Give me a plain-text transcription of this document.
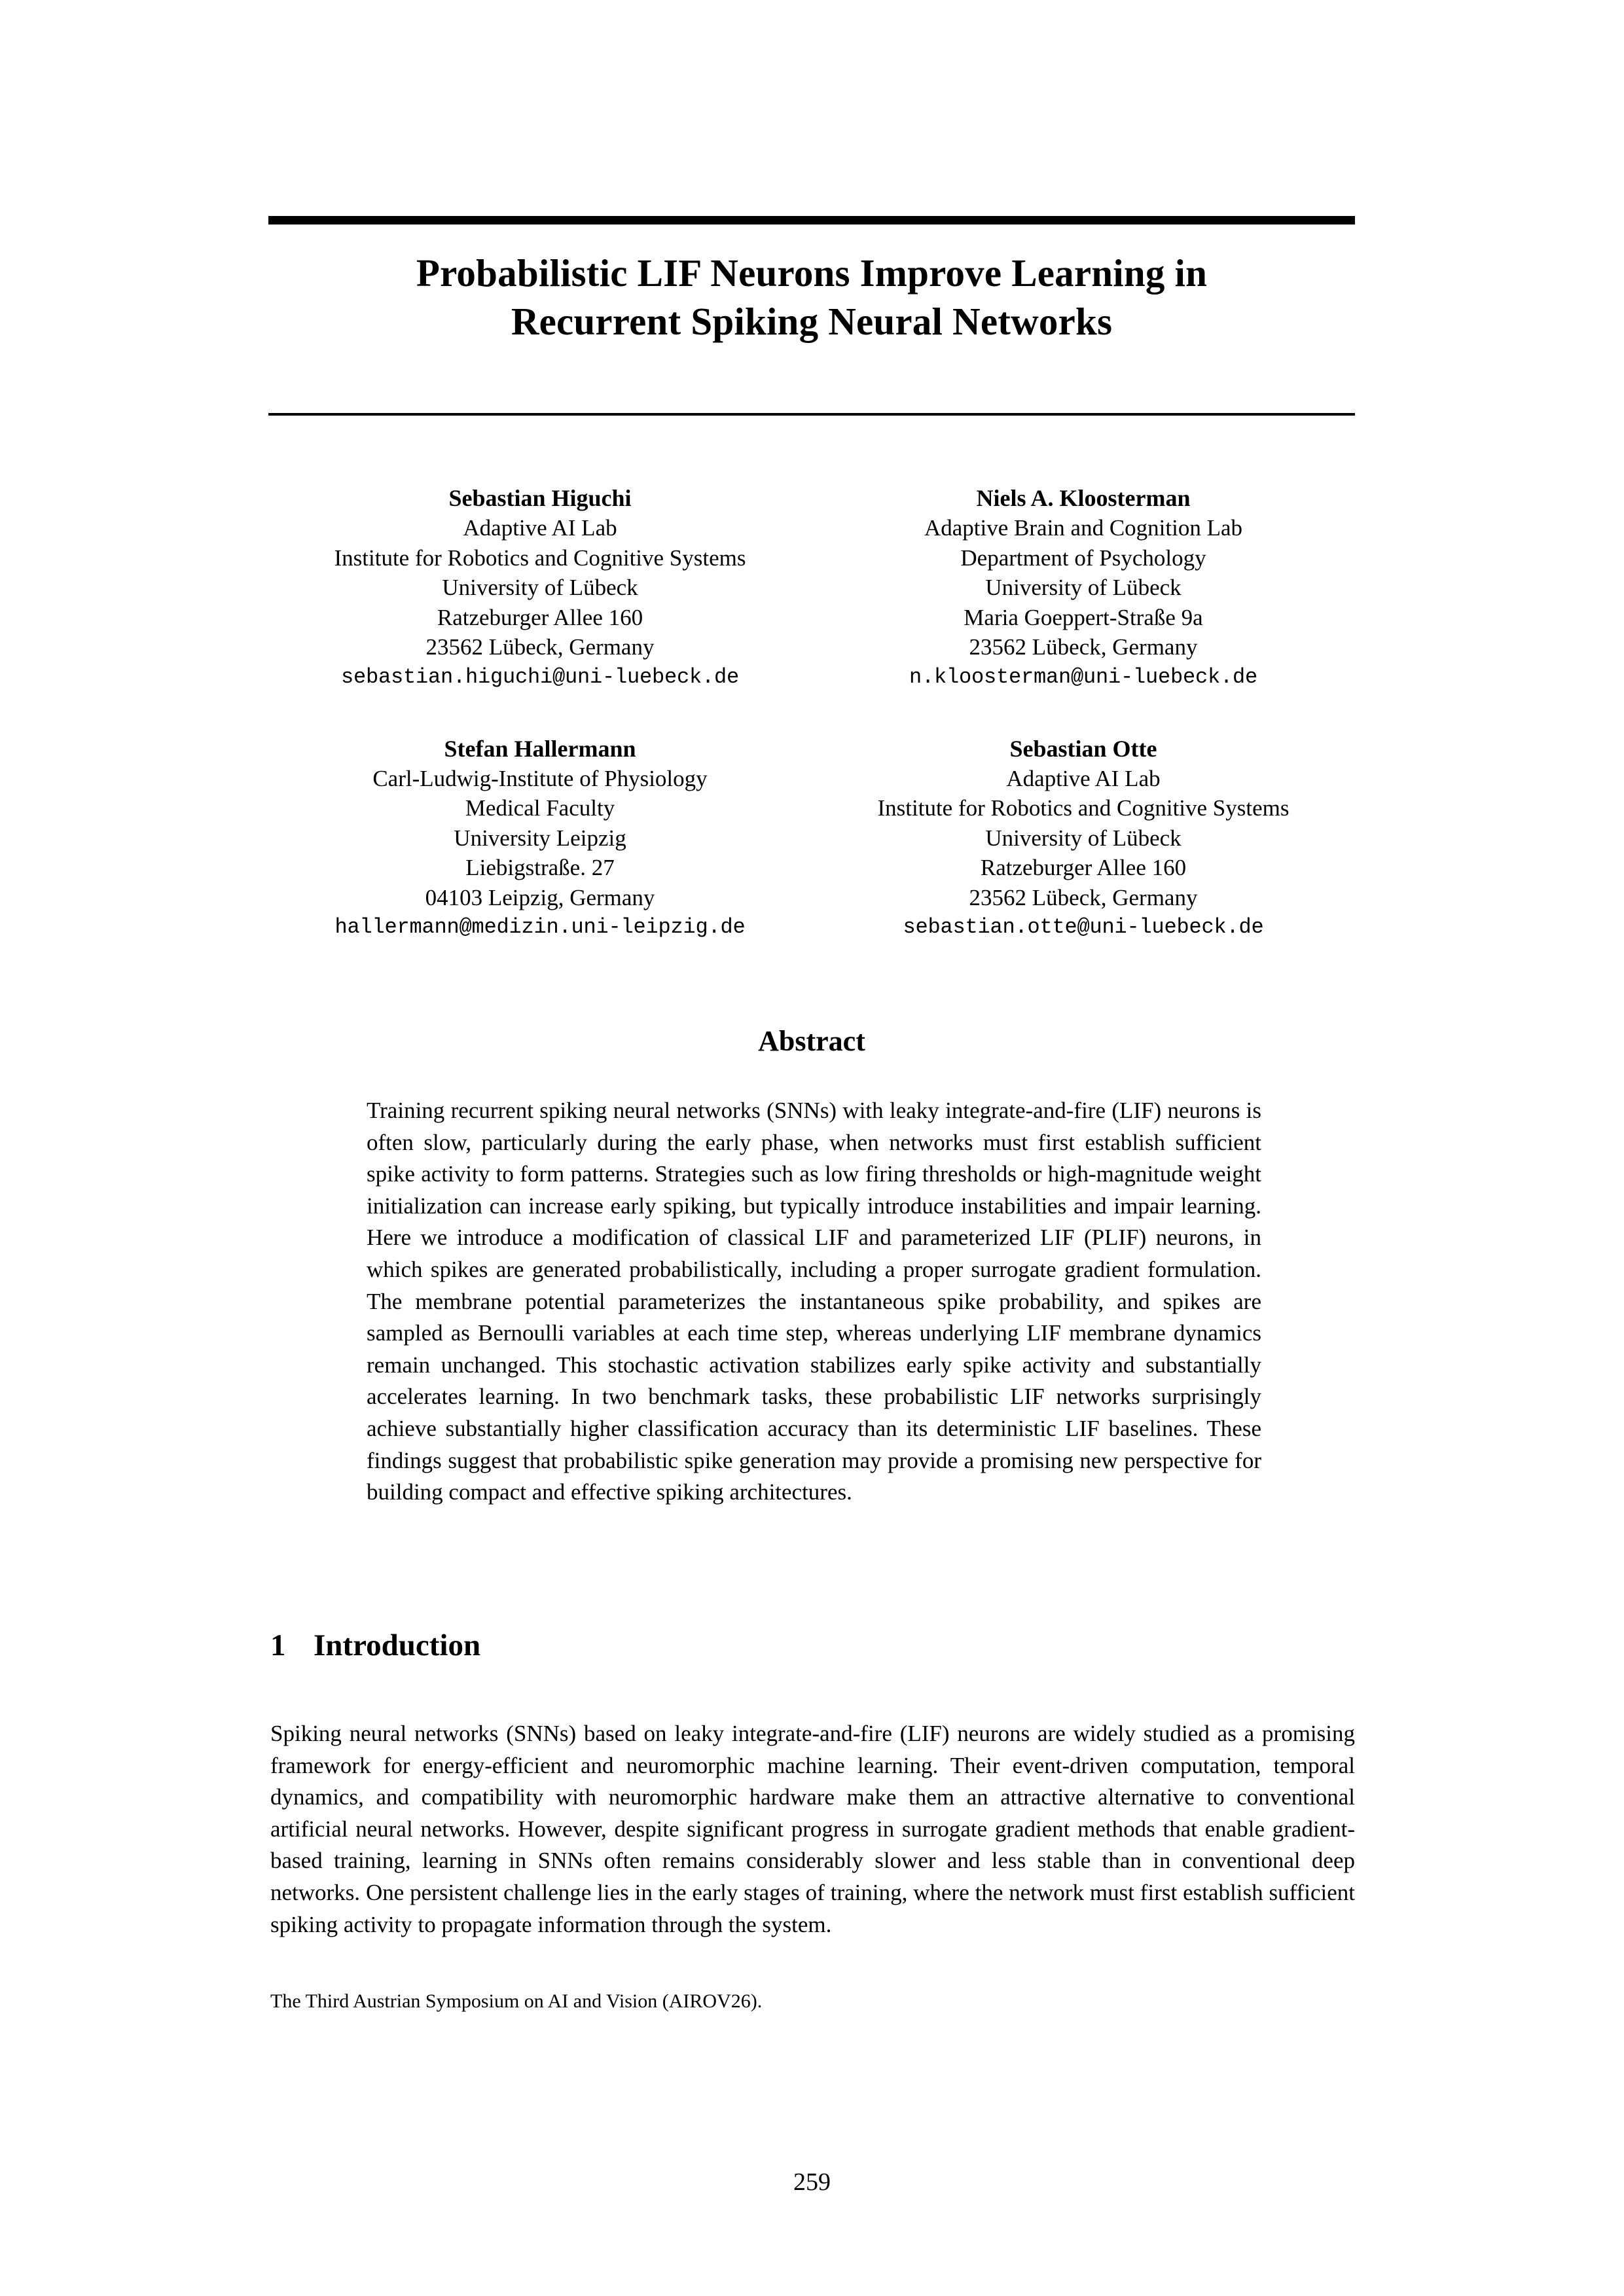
Probabilistic LIF Neurons Improve Learning in
Recurrent Spiking Neural Networks
Sebastian Higuchi
Adaptive AI Lab
Institute for Robotics and Cognitive Systems
University of Lübeck
Ratzeburger Allee 160
23562 Lübeck, Germany
sebastian.higuchi@uni-luebeck.de
Niels A. Kloosterman
Adaptive Brain and Cognition Lab
Department of Psychology
University of Lübeck
Maria Goeppert-Straße 9a
23562 Lübeck, Germany
n.kloosterman@uni-luebeck.de
Stefan Hallermann
Carl-Ludwig-Institute of Physiology
Medical Faculty
University Leipzig
Liebigstraße. 27
04103 Leipzig, Germany
hallermann@medizin.uni-leipzig.de
Sebastian Otte
Adaptive AI Lab
Institute for Robotics and Cognitive Systems
University of Lübeck
Ratzeburger Allee 160
23562 Lübeck, Germany
sebastian.otte@uni-luebeck.de
Abstract
Training recurrent spiking neural networks (SNNs) with leaky integrate-and-fire (LIF) neurons is often slow, particularly during the early phase, when networks must first establish sufficient spike activity to form patterns. Strategies such as low firing thresholds or high-magnitude weight initialization can increase early spiking, but typically introduce instabilities and impair learning. Here we introduce a modification of classical LIF and parameterized LIF (PLIF) neurons, in which spikes are generated probabilistically, including a proper surrogate gradient formulation. The membrane potential parameterizes the instantaneous spike probability, and spikes are sampled as Bernoulli variables at each time step, whereas underlying LIF membrane dynamics remain unchanged. This stochastic activation stabilizes early spike activity and substantially accelerates learning. In two benchmark tasks, these probabilistic LIF networks surprisingly achieve substantially higher classification accuracy than its deterministic LIF baselines. These findings suggest that probabilistic spike generation may provide a promising new perspective for building compact and effective spiking architectures.
1 Introduction
Spiking neural networks (SNNs) based on leaky integrate-and-fire (LIF) neurons are widely studied as a promising framework for energy-efficient and neuromorphic machine learning. Their event-driven computation, temporal dynamics, and compatibility with neuromorphic hardware make them an attractive alternative to conventional artificial neural networks. However, despite significant progress in surrogate gradient methods that enable gradient-based training, learning in SNNs often remains considerably slower and less stable than in conventional deep networks. One persistent challenge lies in the early stages of training, where the network must first establish sufficient spiking activity to propagate information through the system.
The Third Austrian Symposium on AI and Vision (AIROV26).
259
